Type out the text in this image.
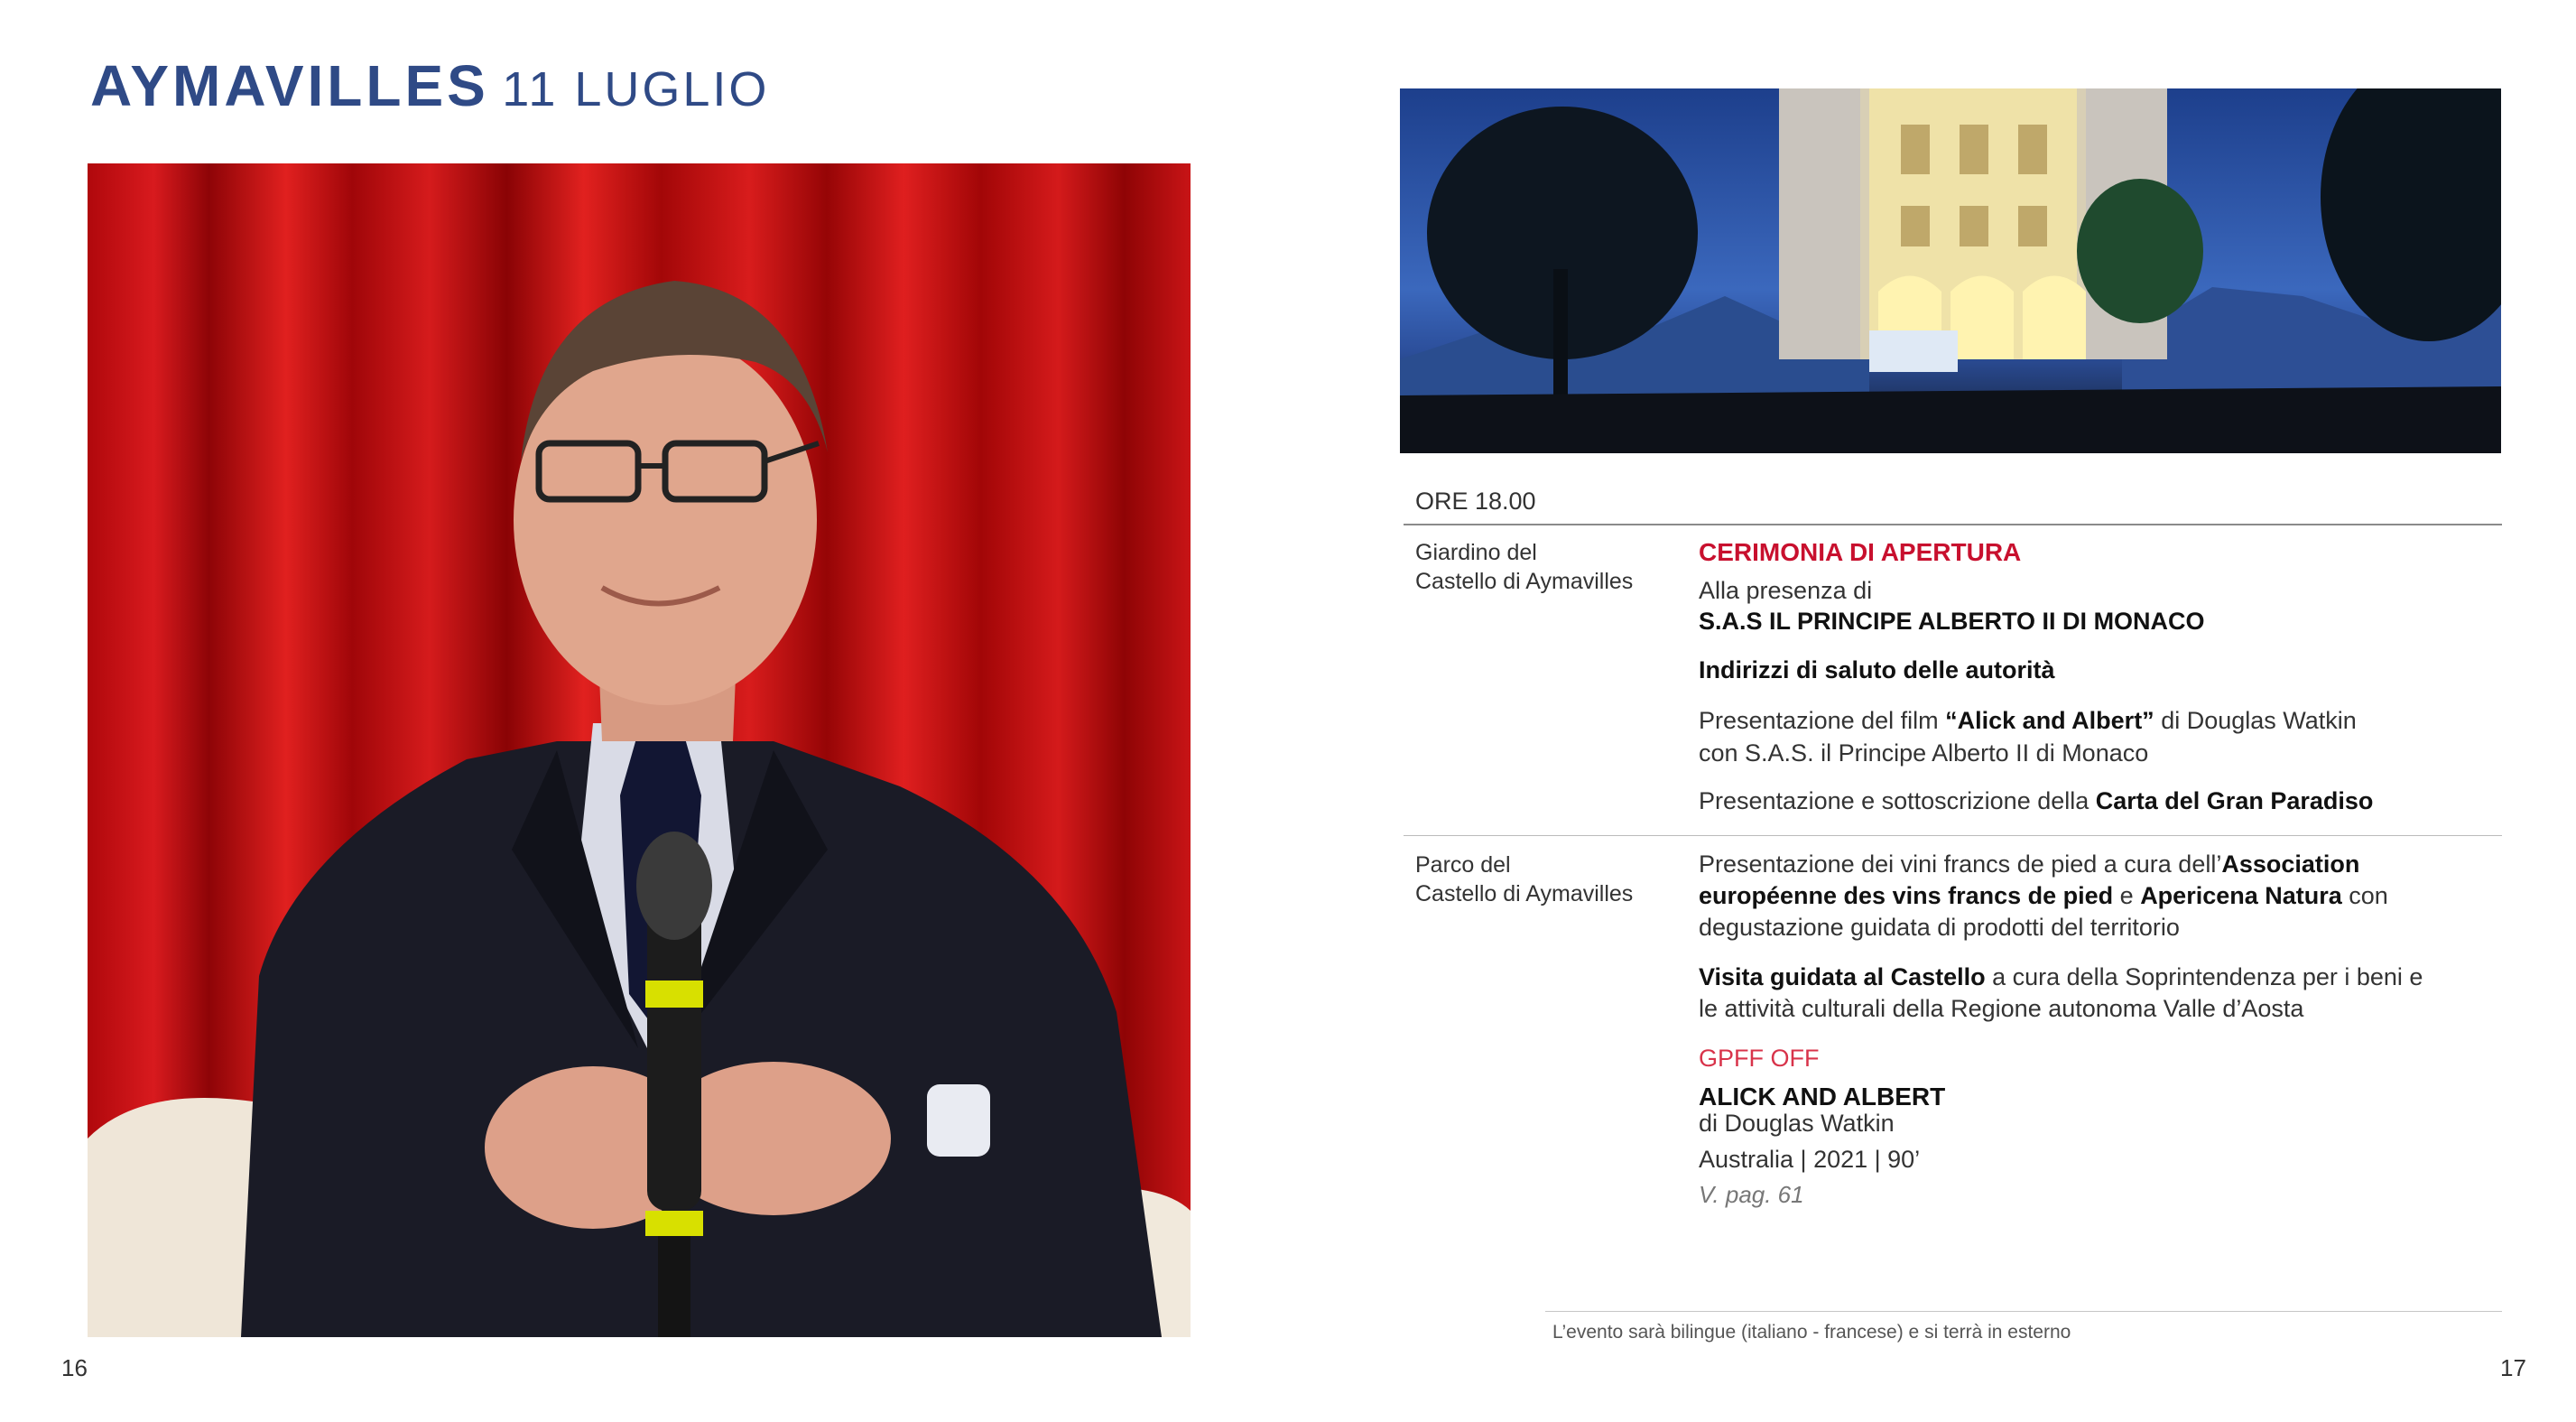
AYMAVILLES 11 LUGLIO
16
ORE 18.00
Giardino del
Castello di Aymavilles
CERIMONIA DI APERTURA
Alla presenza di
S.A.S IL PRINCIPE ALBERTO II DI MONACO
Indirizzi di saluto delle autorità
Presentazione del film “Alick and Albert” di Douglas Watkin
con S.A.S. il Principe Alberto II di Monaco
Presentazione e sottoscrizione della Carta del Gran Paradiso
Parco del
Castello di Aymavilles
Presentazione dei vini francs de pied a cura dell’Association européenne des vins francs de pied e Apericena Natura con degustazione guidata di prodotti del territorio
Visita guidata al Castello a cura della Soprintendenza per i beni e
le attività culturali della Regione autonoma Valle d’Aosta
GPFF OFF
ALICK AND ALBERT
di Douglas Watkin
Australia | 2021 | 90’
V. pag. 61
L’evento sarà bilingue (italiano - francese) e si terrà in esterno
17
